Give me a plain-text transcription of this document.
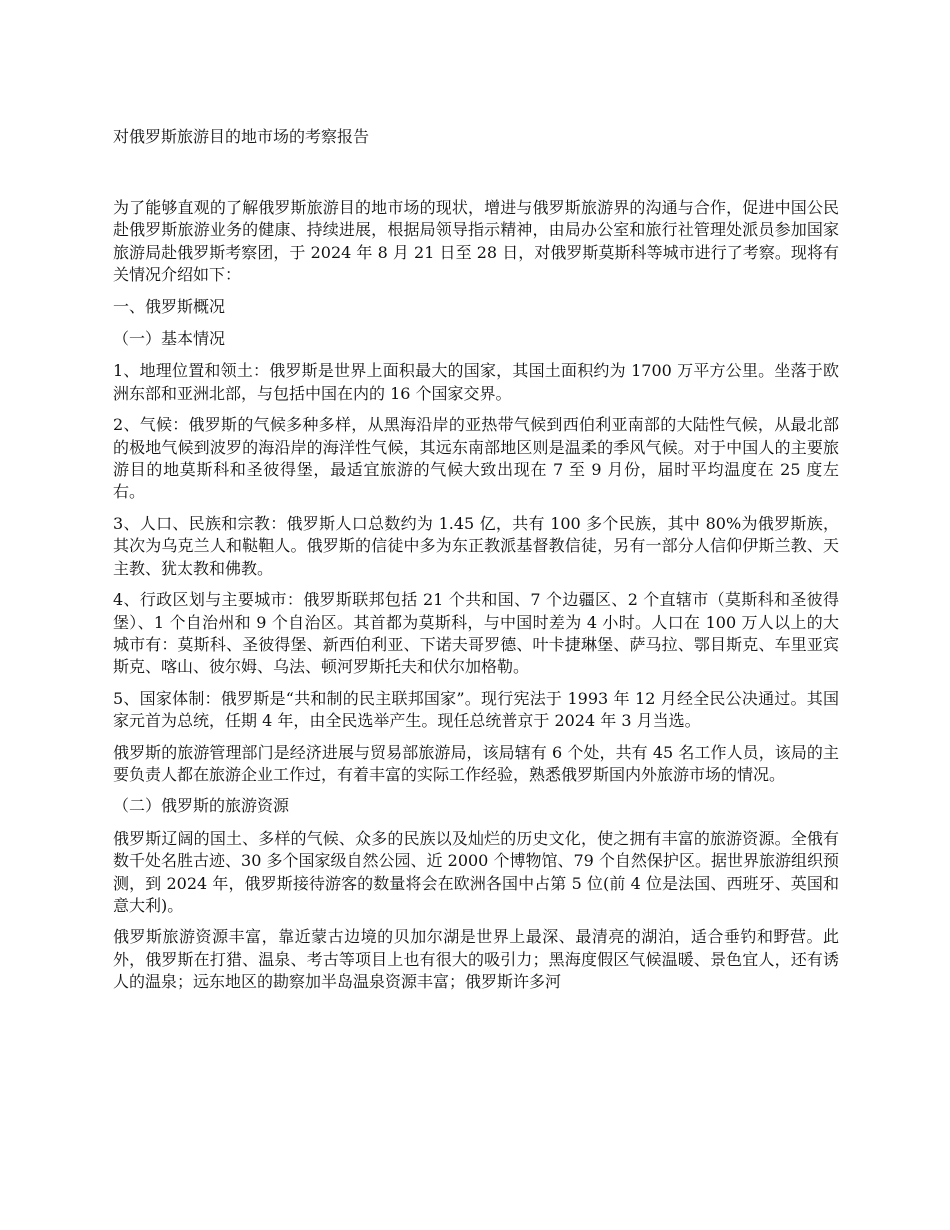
对俄罗斯旅游目的地市场的考察报告

为了能够直观的了解俄罗斯旅游目的地市场的现状，增进与俄罗斯旅游界的沟通与合作，促进中国公民赴俄罗斯旅游业务的健康、持续进展，根据局领导指示精神，由局办公室和旅行社管理处派员参加国家旅游局赴俄罗斯考察团，于 2024 年 8 月 21 日至 28 日，对俄罗斯莫斯科等城市进行了考察。现将有关情况介绍如下：

一、俄罗斯概况

（一）基本情况

1、地理位置和领土：俄罗斯是世界上面积最大的国家，其国土面积约为 1700 万平方公里。坐落于欧洲东部和亚洲北部，与包括中国在内的 16 个国家交界。

2、气候：俄罗斯的气候多种多样，从黑海沿岸的亚热带气候到西伯利亚南部的大陆性气候，从最北部的极地气候到波罗的海沿岸的海洋性气候，其远东南部地区则是温柔的季风气候。对于中国人的主要旅游目的地莫斯科和圣彼得堡，最适宜旅游的气候大致出现在 7 至 9 月份，届时平均温度在 25 度左右。

3、人口、民族和宗教：俄罗斯人口总数约为 1.45 亿，共有 100 多个民族，其中 80%为俄罗斯族，其次为乌克兰人和鞑靼人。俄罗斯的信徒中多为东正教派基督教信徒，另有一部分人信仰伊斯兰教、天主教、犹太教和佛教。

4、行政区划与主要城市：俄罗斯联邦包括 21 个共和国、7 个边疆区、2 个直辖市（莫斯科和圣彼得堡）、1 个自治州和 9 个自治区。其首都为莫斯科，与中国时差为 4 小时。人口在 100 万人以上的大城市有：莫斯科、圣彼得堡、新西伯利亚、下诺夫哥罗德、叶卡捷琳堡、萨马拉、鄂目斯克、车里亚宾斯克、喀山、彼尔姆、乌法、顿河罗斯托夫和伏尔加格勒。

5、国家体制：俄罗斯是“共和制的民主联邦国家”。现行宪法于 1993 年 12 月经全民公决通过。其国家元首为总统，任期 4 年，由全民选举产生。现任总统普京于 2024 年 3 月当选。

俄罗斯的旅游管理部门是经济进展与贸易部旅游局，该局辖有 6 个处，共有 45 名工作人员，该局的主要负责人都在旅游企业工作过，有着丰富的实际工作经验，熟悉俄罗斯国内外旅游市场的情况。

（二）俄罗斯的旅游资源

俄罗斯辽阔的国土、多样的气候、众多的民族以及灿烂的历史文化，使之拥有丰富的旅游资源。全俄有数千处名胜古迹、30 多个国家级自然公园、近 2000 个博物馆、79 个自然保护区。据世界旅游组织预测，到 2024 年，俄罗斯接待游客的数量将会在欧洲各国中占第 5 位(前 4 位是法国、西班牙、英国和意大利)。

俄罗斯旅游资源丰富，靠近蒙古边境的贝加尔湖是世界上最深、最清亮的湖泊，适合垂钓和野营。此外，俄罗斯在打猎、温泉、考古等项目上也有很大的吸引力；黑海度假区气候温暖、景色宜人，还有诱人的温泉；远东地区的勘察加半岛温泉资源丰富；俄罗斯许多河
